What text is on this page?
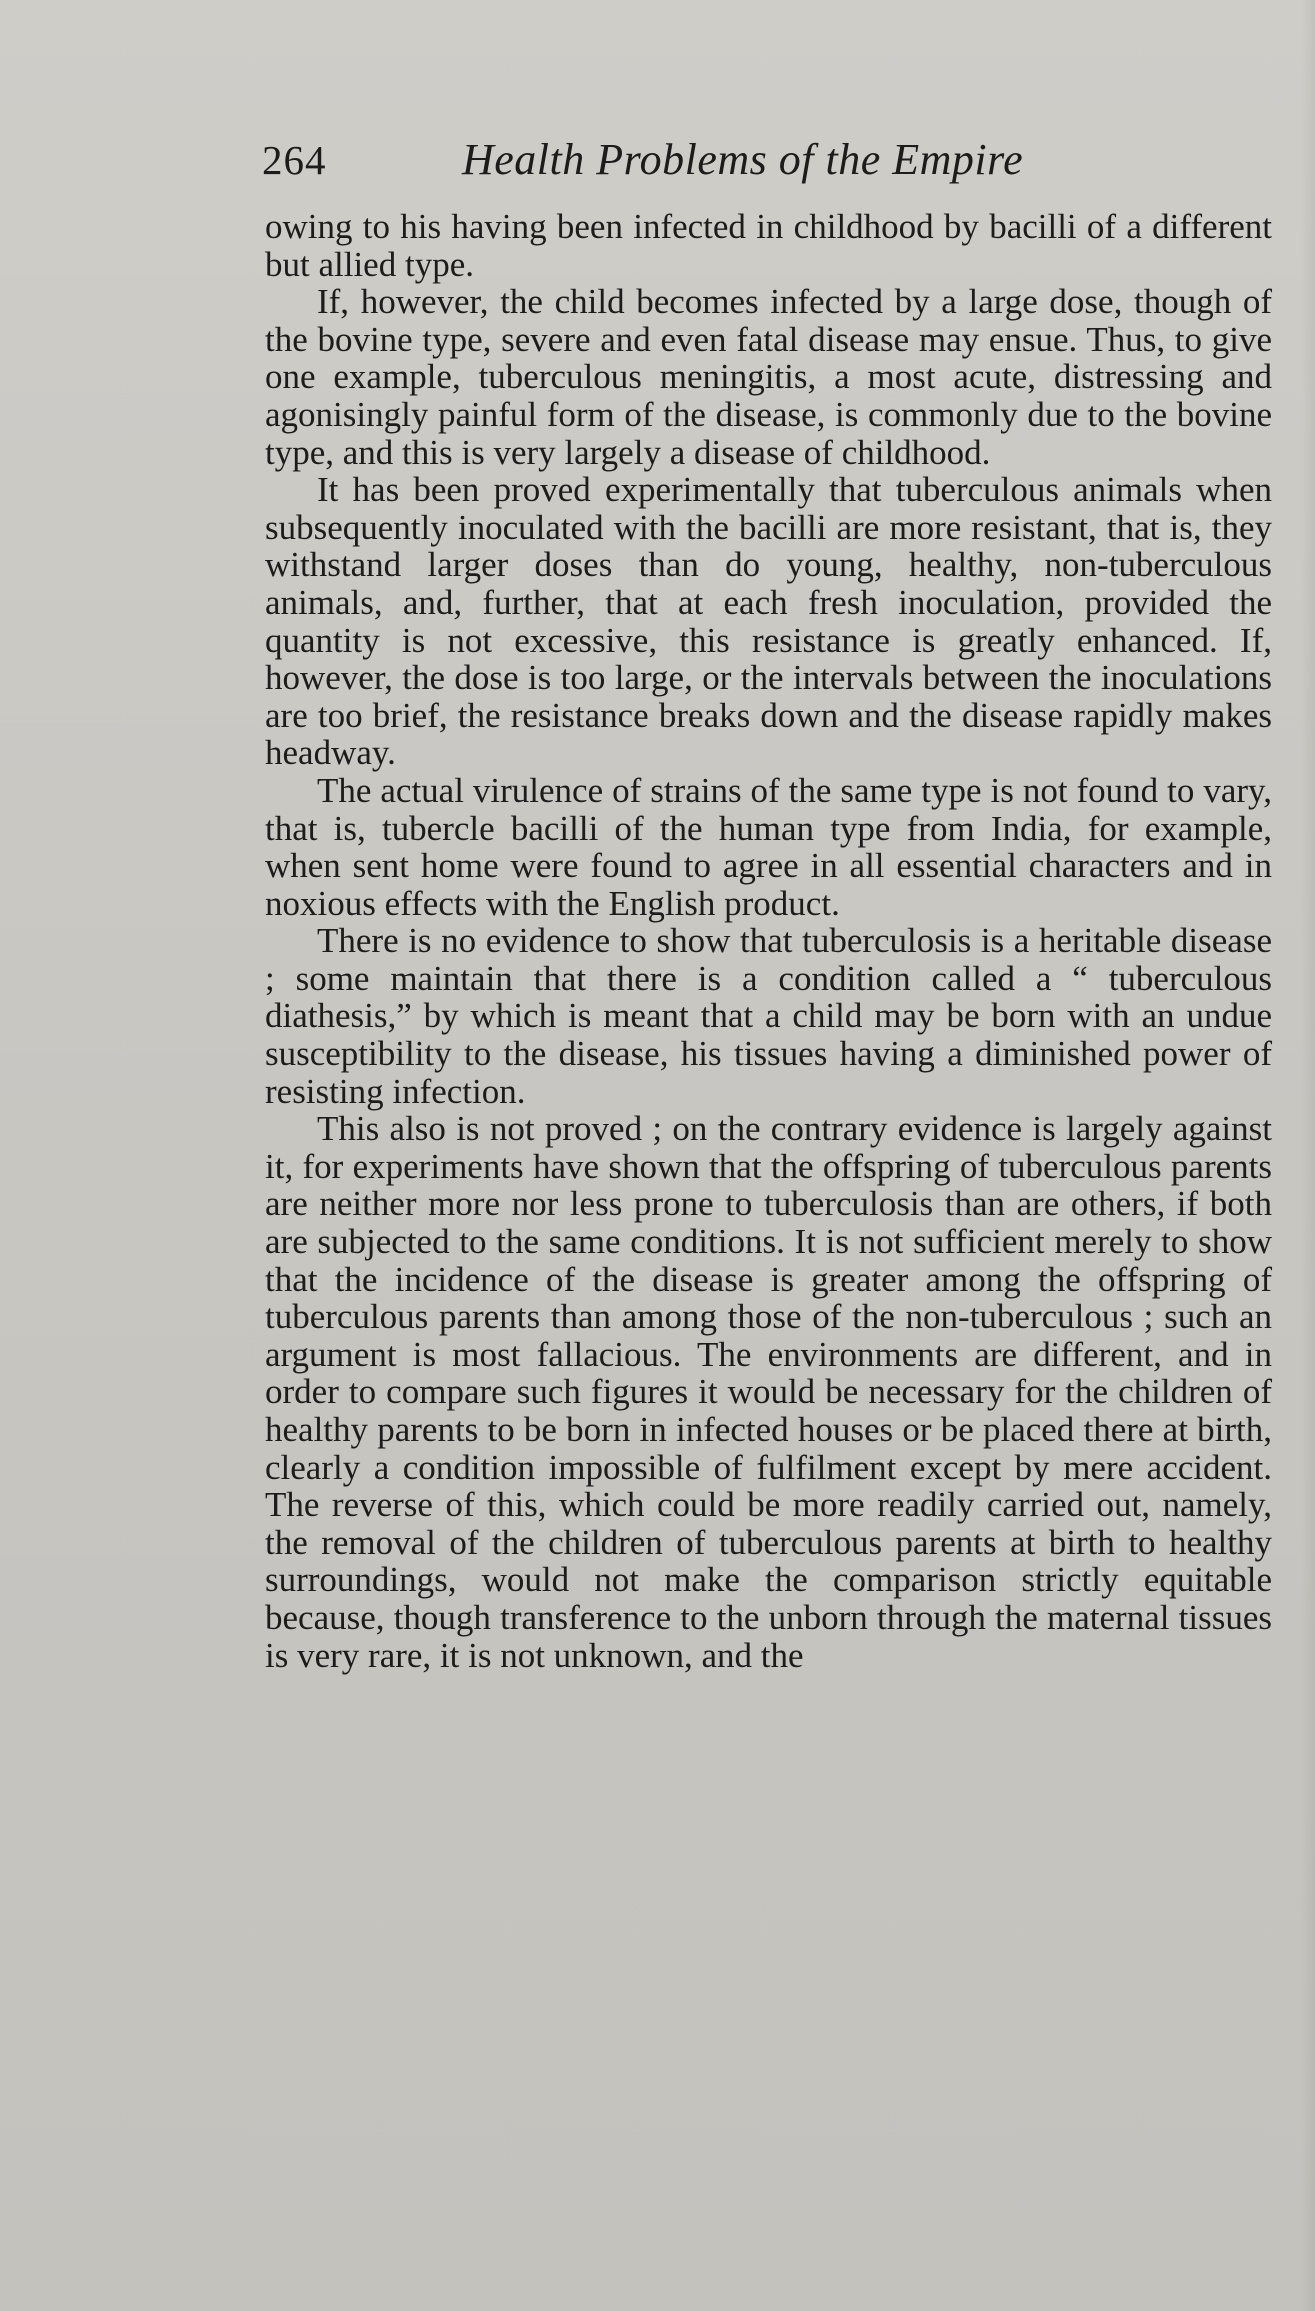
264	Health Problems of the Empire

owing to his having been infected in childhood by bacilli of a different but allied type.

If, however, the child becomes infected by a large dose, though of the bovine type, severe and even fatal disease may ensue. Thus, to give one example, tuberculous meningitis, a most acute, distressing and agonisingly painful form of the disease, is commonly due to the bovine type, and this is very largely a disease of childhood.

It has been proved experimentally that tuberculous animals when subsequently inoculated with the bacilli are more resistant, that is, they withstand larger doses than do young, healthy, non-tuberculous animals, and, further, that at each fresh inoculation, provided the quantity is not excessive, this resistance is greatly enhanced. If, however, the dose is too large, or the intervals between the inoculations are too brief, the resistance breaks down and the disease rapidly makes headway.

The actual virulence of strains of the same type is not found to vary, that is, tubercle bacilli of the human type from India, for example, when sent home were found to agree in all essential characters and in noxious effects with the English product.

There is no evidence to show that tuberculosis is a heritable disease ; some maintain that there is a condition called a “ tuberculous diathesis,” by which is meant that a child may be born with an undue susceptibility to the disease, his tissues having a diminished power of resisting infection.

This also is not proved ; on the contrary evidence is largely against it, for experiments have shown that the offspring of tuberculous parents are neither more nor less prone to tuberculosis than are others, if both are subjected to the same conditions. It is not sufficient merely to show that the incidence of the disease is greater among the offspring of tuberculous parents than among those of the non-tuberculous ; such an argument is most fallacious. The environments are different, and in order to compare such figures it would be necessary for the children of healthy parents to be born in infected houses or be placed there at birth, clearly a condition impossible of fulfilment except by mere accident. The reverse of this, which could be more readily carried out, namely, the removal of the children of tuberculous parents at birth to healthy surroundings, would not make the comparison strictly equitable because, though transference to the unborn through the maternal tissues is very rare, it is not unknown, and the
